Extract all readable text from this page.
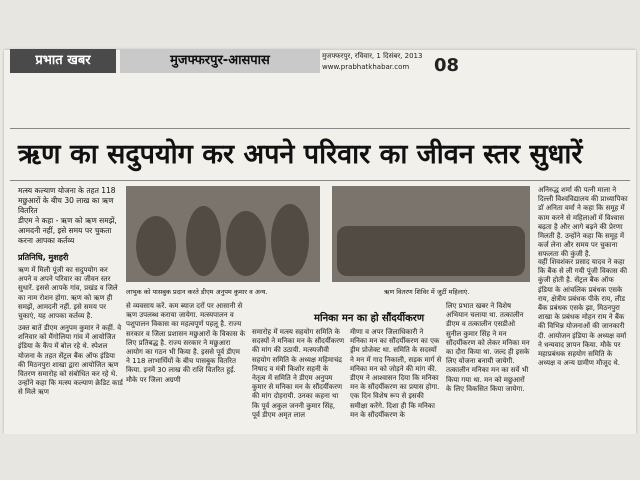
प्रभात खबर	मुजफ्फरपुर-आसपास	मुजफ्फरपुर, रविवार, 1 दिसंबर, 2013
www.prabhatkhabar.com	08
ऋण का सदुपयोग कर अपने परिवार का जीवन स्तर सुधारें
मत्स्य कल्याण योजना के तहत 118 मछुआरों के बीच 30 लाख का ऋण वितरित
डीएम ने कहा - ऋण को ऋण समझें, आमदनी नहीं, इसे समय पर चुकता करना आपका कर्तव्य
प्रतिनिधि, मुशहरी
ऋण में मिली पूंजी का सदुपयोग कर अपने व अपने परिवार का जीवन स्तर सुधारें. इससे आपके गांव, प्रखंड व जिले का नाम रोशन होगा. ऋण को ऋण ही समझें, आमदनी नहीं. इसे समय पर चुकाएं, यह आपका कर्तव्य है.
उक्त बातें डीएम अनुपम कुमार ने कहीं. वे शनिवार को मैंगोलिया गांव में आयोजित इंडिया के कैंप में बोल रहे थे. स्पेशल योजना के तहत सेंट्रल बैंक ऑफ इंडिया की मिठनपुरा शाखा द्वारा आयोजित ऋण वितरण समारोह को संबोधित कर रहे थे. उन्होंने कहा कि मत्स्य कल्याण क्रेडिट कार्ड से मिले ऋण
लाभुक को पासबुक प्रदान करते डीएम अनुपम कुमार व अन्य.	ऋण वितरण शिविर में जुटीं महिलाएं.
से व्यवसाय करें. कम ब्याज दरों पर आसानी से ऋण उपलब्ध कराया जायेगा. मत्स्यपालन व पशुपालन विकास का महत्वपूर्ण पहलू है. राज्य सरकार व जिला प्रशासन मछुआरों के विकास के लिए प्रतिबद्ध है. राज्य सरकार ने मछुआरा आयोग का गठन भी किया है. इससे पूर्व डीएम ने 118 लाभार्थियों के बीच पासबुक वितरित किया. इनमें 30 लाख की राशि वितरित हुई. मौके पर जिला अग्रणी
मनिका मन का हो सौंदर्यीकरण
समारोह में मत्स्य सहयोग समिति के सदस्यों ने मनिका मन के सौंदर्यीकरण की मांग की उठायी. मत्स्यजीवी सहयोग समिति के अध्यक्ष महिमाचंद्र निषाद व मंत्री किशोर सहनी के नेतृत्व में समिति ने डीएम अनुपम कुमार से मनिका मन के सौंदर्यीकरण की मांग दोहरायी. उनका कहना था कि पूर्व अकुल जननी कुमार सिंह, पूर्व डीएम अमृत लाल
मीणा व अपर जिलाधिकारी ने मनिका मन का सौंदर्यीकरण का एक ड्रीम प्रोजेक्ट था. समिति के सदस्यों ने मन में गाद निकाली, सड़क मार्ग से मनिका मन को जोड़ने की मांग की. डीएम ने आश्वासन दिया कि मनिका मन के सौंदर्यीकरण का प्रयास होगा. एक दिन विशेष रूप से इसकी समीक्षा करेंगे. दिशा ही कि मनिका मन के सौंदर्यीकरण के
लिए प्रभात खबर ने विशेष अभियान चलाया था. तत्कालीन डीएम व तत्कालीन एसडीओ सुनील कुमार सिंह ने मन सौंदर्यीकरण को लेकर मनिका मन का दौरा किया था. जल्द ही इसके लिए योजना बनायी जायेगी. तत्कालीन मनिका मन का सर्वे भी किया गया था. मन को मछुआरों के लिए विकसित किया जायेगा.
अनिरुद्ध शर्मा की पत्नी माला ने दिल्ली विश्वविद्यालय की प्राध्यापिका डॉ अनिता वर्मा ने कहा कि समूह में काम करने से महिलाओं में विश्वास बढ़ता है और आगे बढ़ने की प्रेरणा मिलती है. उन्होंने कहा कि समूह में कर्ज लेना और समय पर चुकाना सफलता की कुंजी है.
वहीं शिवशंकर प्रसाद यादव ने कहा कि बैंक से ली गयी पूंजी विकास की कुंजी होती है. सेंट्रल बैंक ऑफ इंडिया के आंचलिक प्रबंधक एसके राय, क्षेत्रीय प्रबंधक पीके राय, लीड बैंक प्रबंधक एसके झा, मिठनपुरा शाखा के प्रबंधक मोहन राम ने बैंक की विभिन्न योजनाओं की जानकारी दी. आयोजन इंडिया के अध्यक्ष वर्मा ने धन्यवाद ज्ञापन किया. मौके पर महाप्रबंधक सहयोग समिति के अध्यक्ष व अन्य ग्रामीण मौजूद थे.
